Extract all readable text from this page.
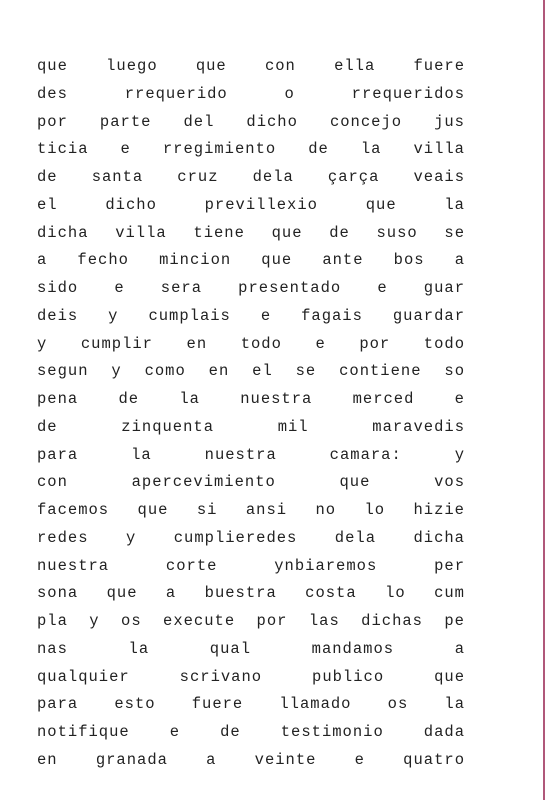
que luego que con ella fuere
des rrequerido o rrequeridos
por parte del dicho concejo jus
ticia e rregimiento de la villa
de santa cruz dela çarça veais
el dicho previllexio que la
dicha villa tiene que de suso se
a fecho mincion que ante bos a
sido e sera presentado e guar
deis y cumplais e fagais guardar
y cumplir en todo e por todo
segun y como en el se contiene so
pena de la nuestra merced e
de zinquenta mil maravedis
para la nuestra camara: y
con apercevimiento que vos
facemos que si ansi no lo hizie
redes y cumplieredes dela dicha
nuestra corte ynbiaremos per
sona que a buestra costa lo cum
pla y os execute por las dichas pe
nas la qual mandamos a
qualquier scrivano publico que
para esto fuere llamado os la
notifique e de testimonio dada
en granada a veinte e quatro
